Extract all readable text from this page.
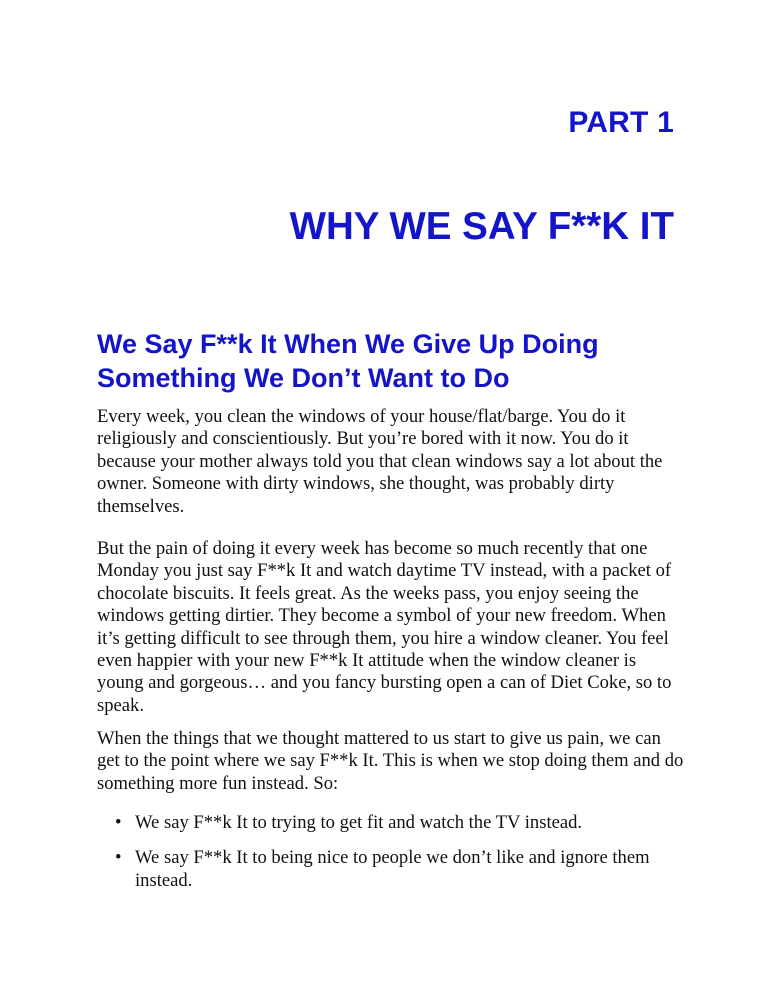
PART 1
WHY WE SAY F**K IT
We Say F**k It When We Give Up Doing Something We Don’t Want to Do

Every week, you clean the windows of your house/flat/barge. You do it religiously and conscientiously. But you’re bored with it now. You do it because your mother always told you that clean windows say a lot about the owner. Someone with dirty windows, she thought, was probably dirty themselves.

But the pain of doing it every week has become so much recently that one Monday you just say F**k It and watch daytime TV instead, with a packet of chocolate biscuits. It feels great. As the weeks pass, you enjoy seeing the windows getting dirtier. They become a symbol of your new freedom. When it’s getting difficult to see through them, you hire a window cleaner. You feel even happier with your new F**k It attitude when the window cleaner is young and gorgeous… and you fancy bursting open a can of Diet Coke, so to speak.

When the things that we thought mattered to us start to give us pain, we can get to the point where we say F**k It. This is when we stop doing them and do something more fun instead. So:

• We say F**k It to trying to get fit and watch the TV instead.
• We say F**k It to being nice to people we don’t like and ignore them instead.
